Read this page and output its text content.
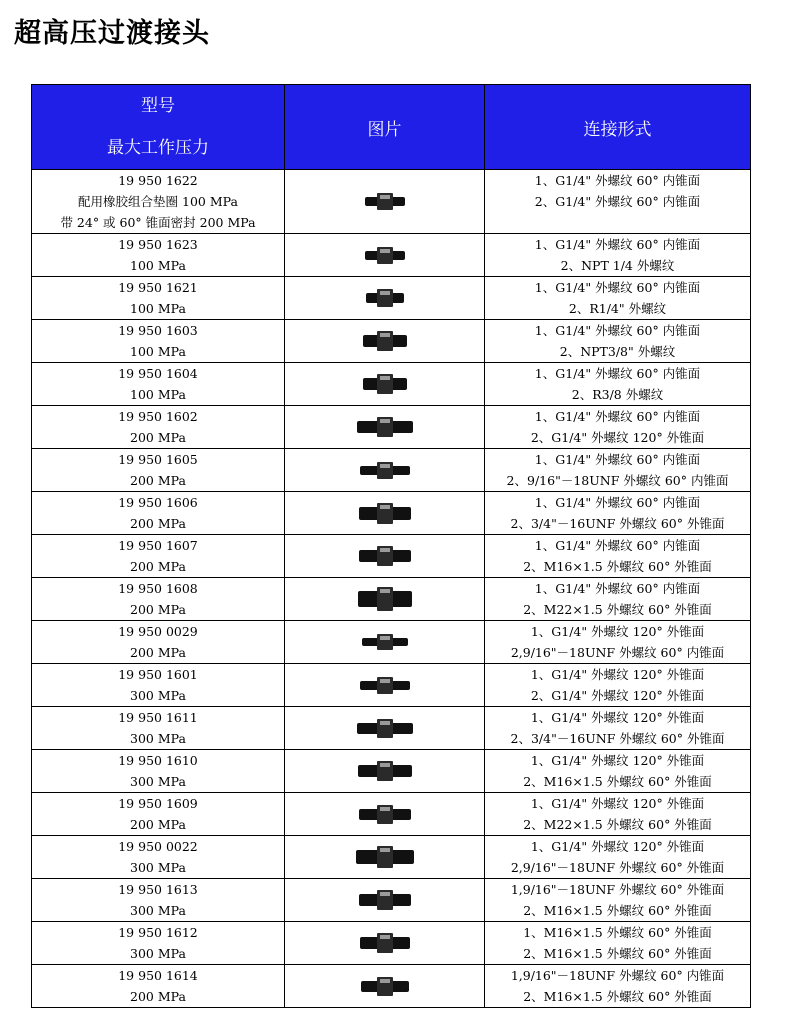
超高压过渡接头
型号
最大工作压力	图片	连接形式

19 950 1622
配用橡胶组合垫圈 100 MPa
带 24° 或 60° 锥面密封 200 MPa		1、G1/4" 外螺纹 60° 内锥面
2、G1/4" 外螺纹 60° 内锥面

19 950 1623
100 MPa		1、G1/4" 外螺纹 60° 内锥面
2、NPT 1/4 外螺纹

19 950 1621
100 MPa		1、G1/4" 外螺纹 60° 内锥面
2、R1/4" 外螺纹

19 950 1603
100 MPa		1、G1/4" 外螺纹 60° 内锥面
2、NPT3/8" 外螺纹

19 950 1604
100 MPa		1、G1/4" 外螺纹 60° 内锥面
2、R3/8 外螺纹

19 950 1602
200 MPa		1、G1/4" 外螺纹 60° 内锥面
2、G1/4" 外螺纹 120° 外锥面

19 950 1605
200 MPa		1、G1/4" 外螺纹 60° 内锥面
2、9/16"－18UNF 外螺纹 60° 内锥面

19 950 1606
200 MPa		1、G1/4" 外螺纹 60° 内锥面
2、3/4"－16UNF 外螺纹 60° 外锥面

19 950 1607
200 MPa		1、G1/4" 外螺纹 60° 内锥面
2、M16×1.5 外螺纹 60° 外锥面

19 950 1608
200 MPa		1、G1/4" 外螺纹 60° 内锥面
2、M22×1.5 外螺纹 60° 外锥面

19 950 0029
200 MPa		1、G1/4" 外螺纹 120° 外锥面
2,9/16"－18UNF 外螺纹 60° 内锥面

19 950 1601
300 MPa		1、G1/4" 外螺纹 120° 外锥面
2、G1/4" 外螺纹 120° 外锥面

19 950 1611
300 MPa		1、G1/4" 外螺纹 120° 外锥面
2、3/4"－16UNF 外螺纹 60° 外锥面

19 950 1610
300 MPa		1、G1/4" 外螺纹 120° 外锥面
2、M16×1.5 外螺纹 60° 外锥面

19 950 1609
200 MPa		1、G1/4" 外螺纹 120° 外锥面
2、M22×1.5 外螺纹 60° 外锥面

19 950 0022
300 MPa		1、G1/4" 外螺纹 120° 外锥面
2,9/16"－18UNF 外螺纹 60° 外锥面

19 950 1613
300 MPa		1,9/16"－18UNF 外螺纹 60° 外锥面
2、M16×1.5 外螺纹 60° 外锥面

19 950 1612
300 MPa		1、M16×1.5 外螺纹 60° 外锥面
2、M16×1.5 外螺纹 60° 外锥面

19 950 1614
200 MPa		1,9/16"－18UNF 外螺纹 60° 内锥面
2、M16×1.5 外螺纹 60° 外锥面
